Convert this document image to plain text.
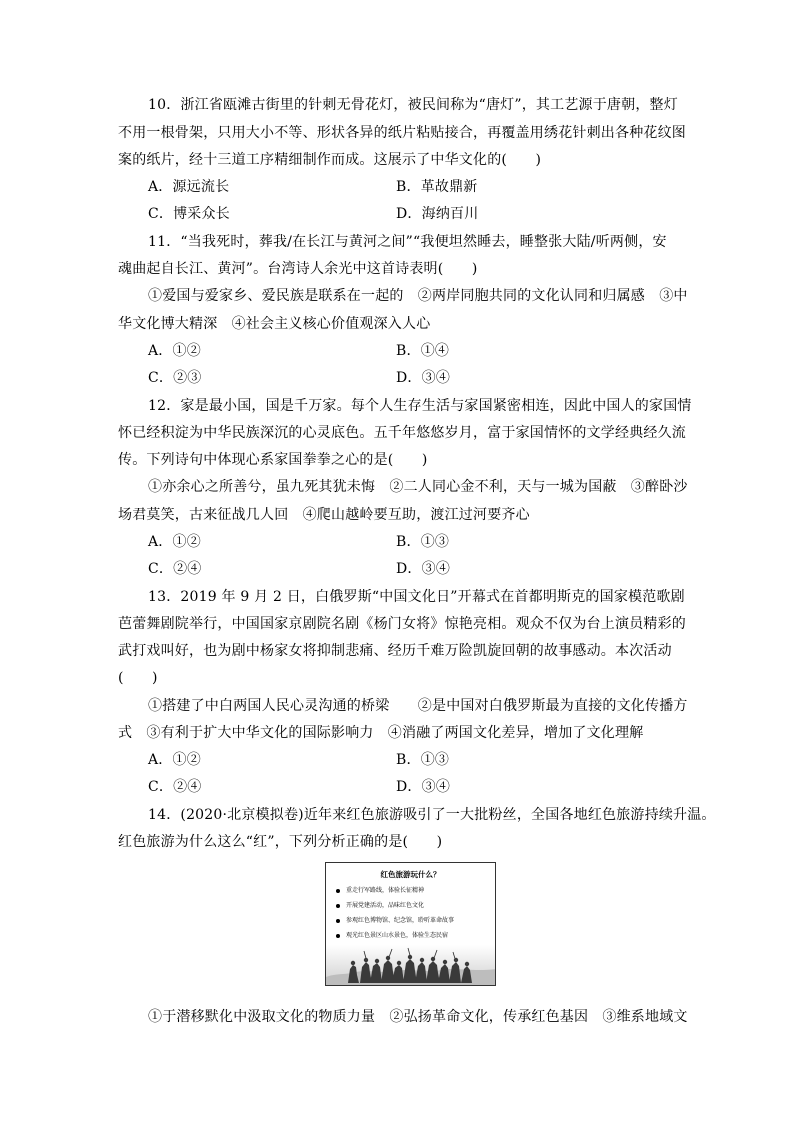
10．浙江省瓯滩古街里的针刺无骨花灯，被民间称为“唐灯”，其工艺源于唐朝，整灯
不用一根骨架，只用大小不等、形状各异的纸片粘贴接合，再覆盖用绣花针刺出各种花纹图
案的纸片，经十三道工序精细制作而成。这展示了中华文化的(　　)
A．源远流长	B．革故鼎新
C．博采众长	D．海纳百川
11．“当我死时，葬我/在长江与黄河之间”“我便坦然睡去，睡整张大陆/听两侧，安
魂曲起自长江、黄河”。台湾诗人余光中这首诗表明(　　)
①爱国与爱家乡、爱民族是联系在一起的　②两岸同胞共同的文化认同和归属感　③中
华文化博大精深　④社会主义核心价值观深入人心
A．①②	B．①④
C．②③	D．③④
12．家是最小国，国是千万家。每个人生存生活与家国紧密相连，因此中国人的家国情
怀已经积淀为中华民族深沉的心灵底色。五千年悠悠岁月，富于家国情怀的文学经典经久流
传。下列诗句中体现心系家国拳拳之心的是(　　)
①亦余心之所善兮，虽九死其犹未悔　②二人同心金不利，天与一城为国蔽　③醉卧沙
场君莫笑，古来征战几人回　④爬山越岭要互助，渡江过河要齐心
A．①②	B．①③
C．②④	D．③④
13．2019 年 9 月 2 日，白俄罗斯“中国文化日”开幕式在首都明斯克的国家模范歌剧
芭蕾舞剧院举行，中国国家京剧院名剧《杨门女将》惊艳亮相。观众不仅为台上演员精彩的
武打戏叫好，也为剧中杨家女将抑制悲痛、经历千难万险凯旋回朝的故事感动。本次活动
(　　)
①搭建了中白两国人民心灵沟通的桥梁　　②是中国对白俄罗斯最为直接的文化传播方
式　③有利于扩大中华文化的国际影响力　④消融了两国文化差异，增加了文化理解
A．①②	B．①③
C．②④	D．③④
14．(2020·北京模拟卷)近年来红色旅游吸引了一大批粉丝，全国各地红色旅游持续升温。
红色旅游为什么这么“红”，下列分析正确的是(　　)
红色旅游玩什么？
重走行军路线，体验长征精神
开展党建活动，品味红色文化
参观红色博物馆、纪念馆，聆听革命故事
观光红色景区山水景色，体验生态民宿
①于潜移默化中汲取文化的物质力量　②弘扬革命文化，传承红色基因　③维系地域文
